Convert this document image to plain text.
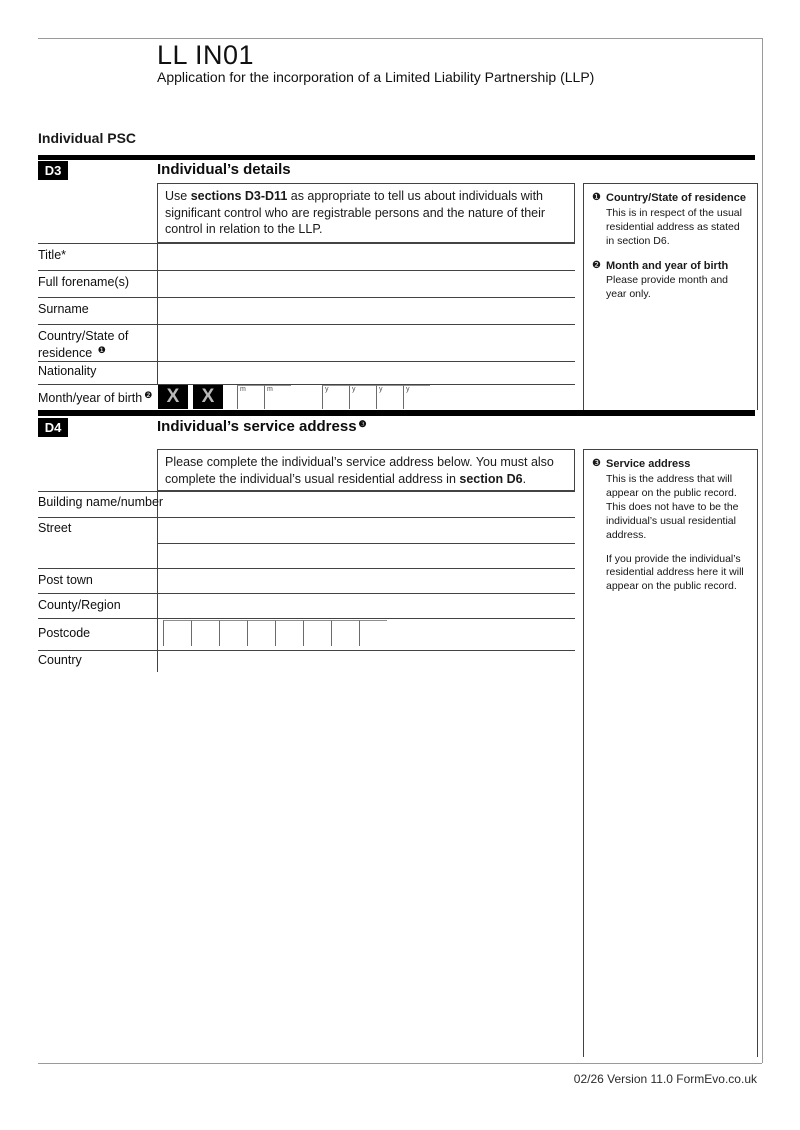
LL IN01
Application for the incorporation of a Limited Liability Partnership (LLP)
Individual PSC
D3	Individual’s details
Use sections D3-D11 as appropriate to tell us about individuals with significant control who are registrable persons and the nature of their control in relation to the LLP.
Title*
Full forename(s)
Surname
Country/State of
residence $^❶$
Nationality
Month/year of birth $^❷$ X	X	m	m	y	y	y	y
❶ Country/State of residence
This is in respect of the usual residential address as stated in section D6.
❷ Month and year of birth
Please provide month and year only.
D4	Individual’s service address $^❸$
Please complete the individual’s service address below. You must also complete the individual’s usual residential address in section D6.
Building name/number
Street
Post town
County/Region
Postcode
Country
❸ Service address
This is the address that will appear on the public record. This does not have to be the individual’s usual residential address.
If you provide the individual’s residential address here it will appear on the public record.
02/26 Version 11.0 FormEvo.co.uk
